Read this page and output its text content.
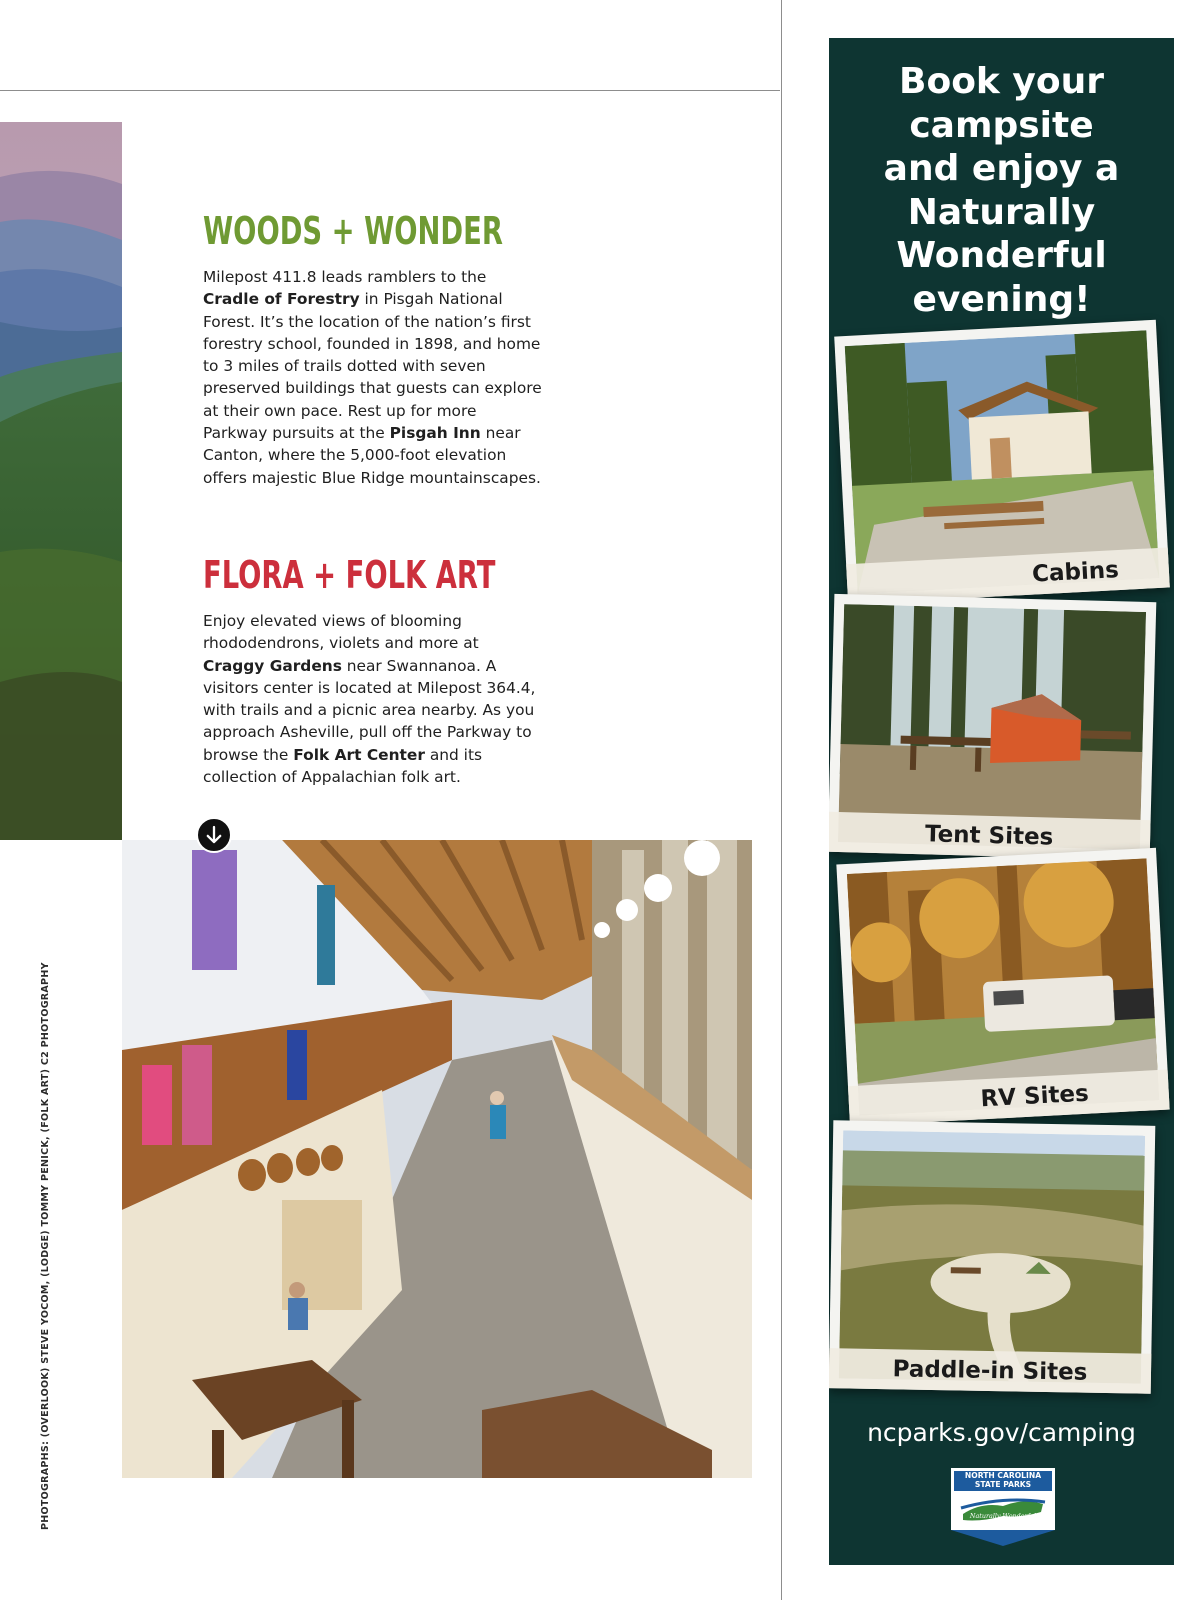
WOODS + WONDER

Milepost 411.8 leads ramblers to the Cradle of Forestry in Pisgah National Forest. It’s the location of the nation’s first forestry school, founded in 1898, and home to 3 miles of trails dotted with seven preserved buildings that guests can explore at their own pace. Rest up for more Parkway pursuits at the Pisgah Inn near Canton, where the 5,000-foot elevation offers majestic Blue Ridge mountainscapes.

FLORA + FOLK ART

Enjoy elevated views of blooming rhododendrons, violets and more at Craggy Gardens near Swannanoa. A visitors center is located at Milepost 364.4, with trails and a picnic area nearby. As you approach Asheville, pull off the Parkway to browse the Folk Art Center and its collection of Appalachian folk art.

PHOTOGRAPHS: (OVERLOOK) STEVE YOCOM, (LODGE) TOMMY PENICK, (FOLK ART) C2 PHOTOGRAPHY
Book your
campsite
and enjoy a
Naturally
Wonderful
evening!
Cabins
Tent Sites
RV Sites
Paddle-in Sites
ncparks.gov/camping
NORTH CAROLINA
STATE PARKS
Naturally Wonderful
